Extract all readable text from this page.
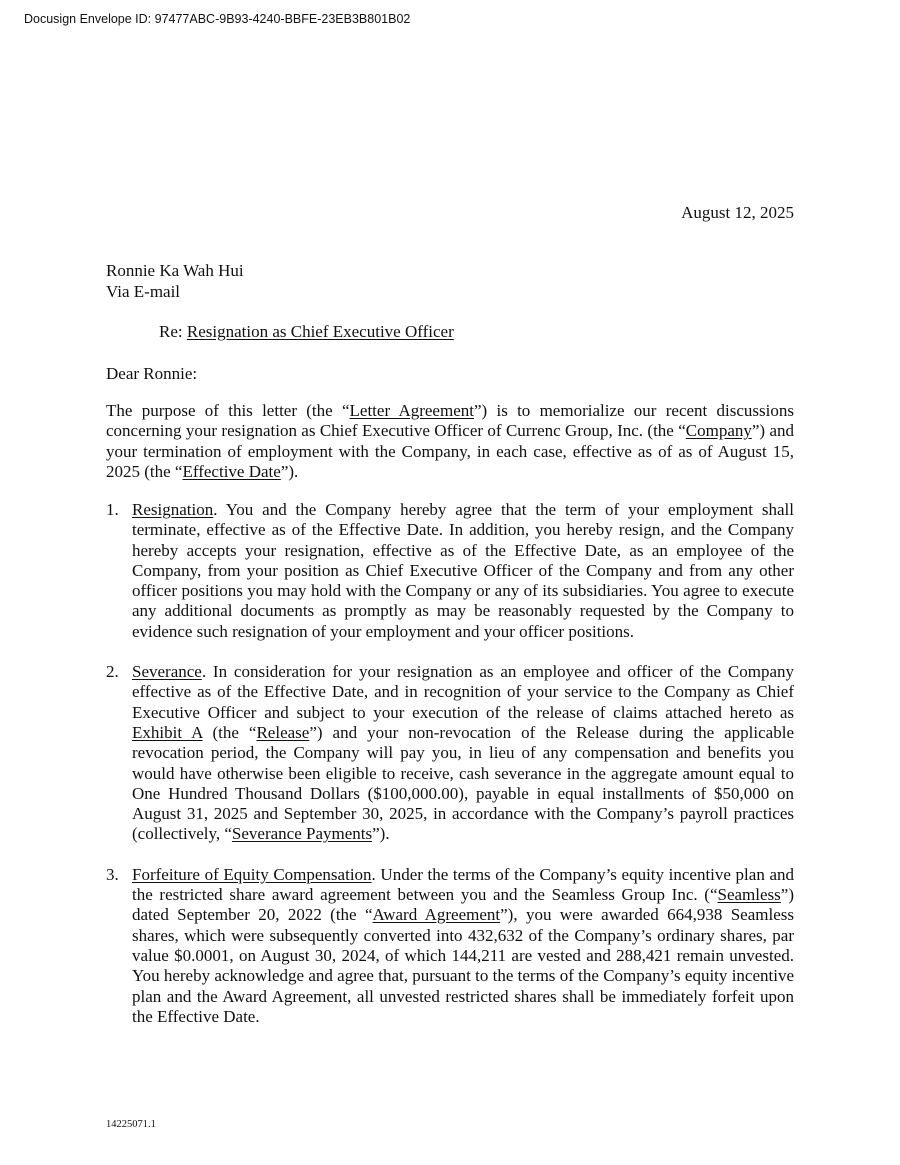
Docusign Envelope ID: 97477ABC-9B93-4240-BBFE-23EB3B801B02
August 12, 2025
Ronnie Ka Wah Hui
Via E-mail
Re: Resignation as Chief Executive Officer
Dear Ronnie:

The purpose of this letter (the “Letter Agreement”) is to memorialize our recent discussions concerning your resignation as Chief Executive Officer of Currenc Group, Inc. (the “Company”) and your termination of employment with the Company, in each case, effective as of as of August 15, 2025 (the “Effective Date”).

1. Resignation. You and the Company hereby agree that the term of your employment shall terminate, effective as of the Effective Date. In addition, you hereby resign, and the Company hereby accepts your resignation, effective as of the Effective Date, as an employee of the Company, from your position as Chief Executive Officer of the Company and from any other officer positions you may hold with the Company or any of its subsidiaries. You agree to execute any additional documents as promptly as may be reasonably requested by the Company to evidence such resignation of your employment and your officer positions.
2. Severance. In consideration for your resignation as an employee and officer of the Company effective as of the Effective Date, and in recognition of your service to the Company as Chief Executive Officer and subject to your execution of the release of claims attached hereto as Exhibit A (the “Release”) and your non-revocation of the Release during the applicable revocation period, the Company will pay you, in lieu of any compensation and benefits you would have otherwise been eligible to receive, cash severance in the aggregate amount equal to One Hundred Thousand Dollars ($100,000.00), payable in equal installments of $50,000 on August 31, 2025 and September 30, 2025, in accordance with the Company’s payroll practices (collectively, “Severance Payments”).
3. Forfeiture of Equity Compensation. Under the terms of the Company’s equity incentive plan and the restricted share award agreement between you and the Seamless Group Inc. (“Seamless”) dated September 20, 2022 (the “Award Agreement”), you were awarded 664,938 Seamless shares, which were subsequently converted into 432,632 of the Company’s ordinary shares, par value $0.0001, on August 30, 2024, of which 144,211 are vested and 288,421 remain unvested. You hereby acknowledge and agree that, pursuant to the terms of the Company’s equity incentive plan and the Award Agreement, all unvested restricted shares shall be immediately forfeit upon the Effective Date.
14225071.1
